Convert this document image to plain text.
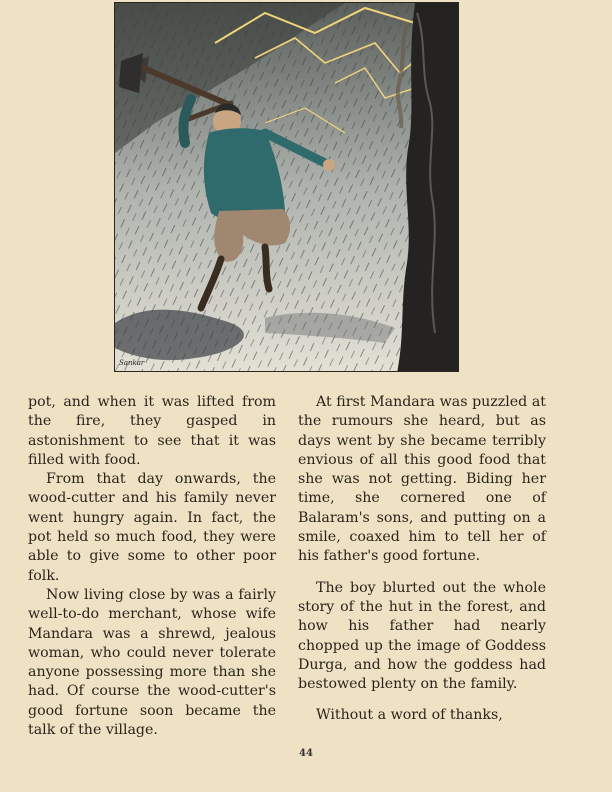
Sankar

pot, and when it was lifted from the fire, they gasped in astonishment to see that it was filled with food.

From that day onwards, the wood-cutter and his family never went hungry again. In fact, the pot held so much food, they were able to give some to other poor folk.

Now living close by was a fairly well-to-do merchant, whose wife Mandara was a shrewd, jealous woman, who could never tolerate anyone possessing more than she had. Of course the wood-cutter's good fortune soon became the talk of the village.

At first Mandara was puzzled at the rumours she heard, but as days went by she became terribly envious of all this good food that she was not getting. Biding her time, she cornered one of Balaram's sons, and putting on a smile, coaxed him to tell her of his father's good fortune.

The boy blurted out the whole story of the hut in the forest, and how his father had nearly chopped up the image of Goddess Durga, and how the goddess had bestowed plenty on the family.

Without a word of thanks,

44
